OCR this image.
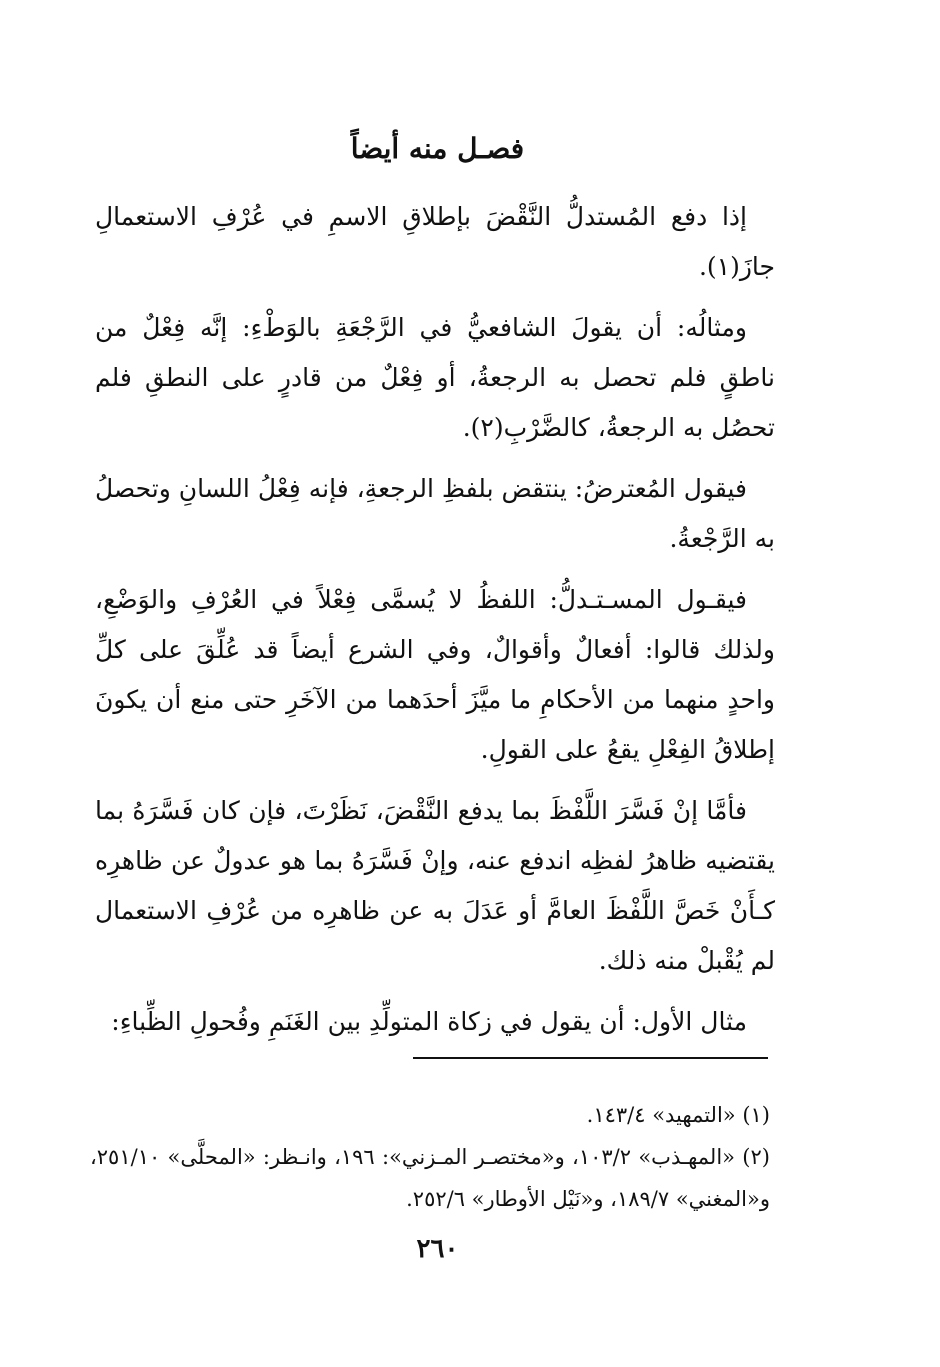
فصـل منه أيضاً

إذا دفع المُستدلُّ النَّقْضَ بإطلاقِ الاسمِ في عُرْفِ الاستعمالِ جازَ(١).

ومثالُه: أن يقولَ الشافعيُّ في الرَّجْعَةِ بالوَطْءِ: إنَّه فِعْلٌ من ناطقٍ فلم تحصل به الرجعةُ، أو فِعْلٌ من قادرٍ على النطقِ فلم تحصُل به الرجعةُ، كالضَّرْبِ(٢).

فيقول المُعترضُ: ينتقض بلفظِ الرجعةِ، فإنه فِعْلُ اللسانِ وتحصلُ به الرَّجْعةُ.

فيقـول المسـتـدلُّ: اللفظُ لا يُسمَّى فِعْلاً في العُرْفِ والوَضْعِ، ولذلك قالوا: أفعالٌ وأقوالٌ، وفي الشرع أيضاً قد عُلِّقَ على كلِّ واحدٍ منهما من الأحكامِ ما ميَّزَ أحدَهما من الآخَرِ حتى منع أن يكونَ إطلاقُ الفِعْلِ يقعُ على القولِ.

فأمَّا إنْ فَسَّرَ اللَّفْظَ بما يدفع النَّقْضَ، نَظَرْتَ، فإن كان فَسَّرَهُ بما يقتضيه ظاهرُ لفظِه اندفع عنه، وإنْ فَسَّرَهُ بما هو عدولٌ عن ظاهرِه كـأَنْ خَصَّ اللَّفْظَ العامَّ أو عَدَلَ به عن ظاهرِه من عُرْفِ الاستعمال لم يُقْبلْ منه ذلك.

مثال الأول: أن يقول في زكاة المتولِّدِ بين الغَنَمِ وفُحولِ الظِّباءِ:

(١) «التمهيد» ١٤٣/٤.

(٢) «المهـذب» ١٠٣/٢، و«مختصـر المـزني»: ١٩٦، وانـظر: «المحلَّى» ٢٥١/١٠، و«المغني» ١٨٩/٧، و«نَيْل الأوطار» ٢٥٢/٦.

٢٦٠
